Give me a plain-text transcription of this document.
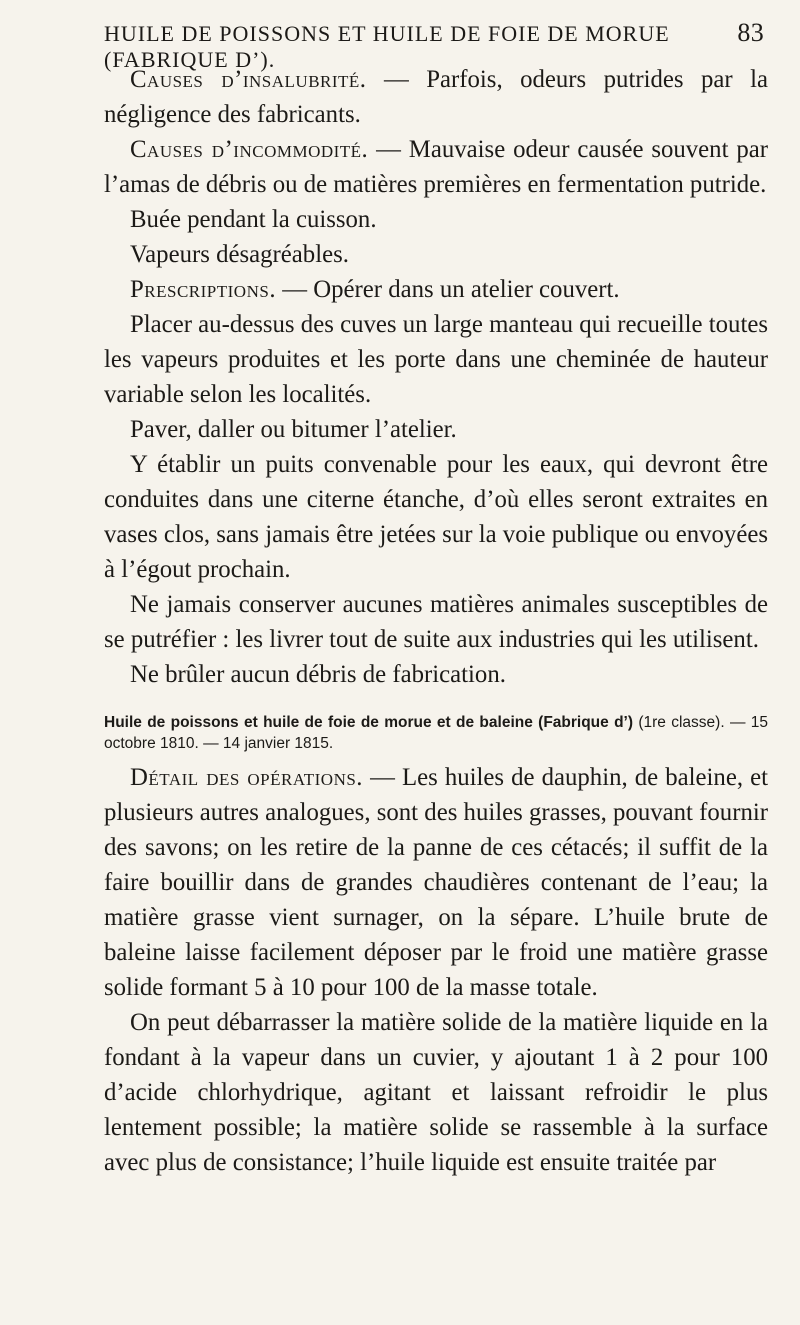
HUILE DE POISSONS ET HUILE DE FOIE DE MORUE (FABRIQUE D’).
83

Causes d’insalubrité. — Parfois, odeurs putrides par la négligence des fabricants.

Causes d’incommodité. — Mauvaise odeur causée souvent par l’amas de débris ou de matières premières en fermentation putride.

Buée pendant la cuisson.

Vapeurs désagréables.

Prescriptions. — Opérer dans un atelier couvert.

Placer au-dessus des cuves un large manteau qui recueille toutes les vapeurs produites et les porte dans une cheminée de hauteur variable selon les localités.

Paver, daller ou bitumer l’atelier.

Y établir un puits convenable pour les eaux, qui devront être conduites dans une citerne étanche, d’où elles seront extraites en vases clos, sans jamais être jetées sur la voie publique ou envoyées à l’égout prochain.

Ne jamais conserver aucunes matières animales susceptibles de se putréfier : les livrer tout de suite aux industries qui les utilisent.

Ne brûler aucun débris de fabrication.

Huile de poissons et huile de foie de morue et de baleine (Fabrique d’) (1re classe). — 15 octobre 1810. — 14 janvier 1815.

Détail des opérations. — Les huiles de dauphin, de baleine, et plusieurs autres analogues, sont des huiles grasses, pouvant fournir des savons; on les retire de la panne de ces cétacés; il suffit de la faire bouillir dans de grandes chaudières contenant de l’eau; la matière grasse vient surnager, on la sépare. L’huile brute de baleine laisse facilement déposer par le froid une matière grasse solide formant 5 à 10 pour 100 de la masse totale.

On peut débarrasser la matière solide de la matière liquide en la fondant à la vapeur dans un cuvier, y ajoutant 1 à 2 pour 100 d’acide chlorhydrique, agitant et laissant refroidir le plus lentement possible; la matière solide se rassemble à la surface avec plus de consistance; l’huile liquide est ensuite traitée par
